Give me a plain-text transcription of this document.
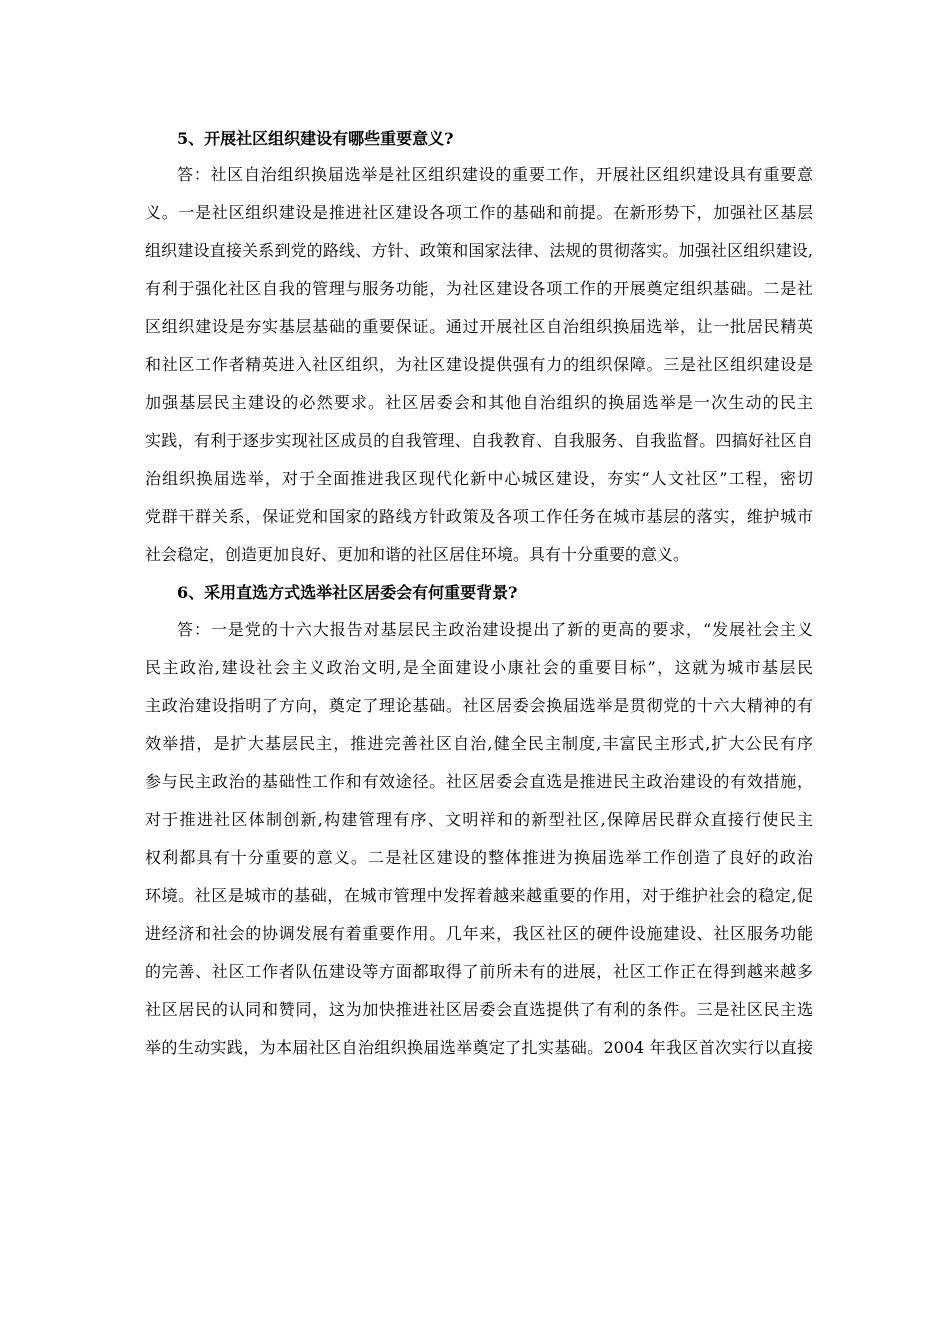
5、开展社区组织建设有哪些重要意义?
答：社区自治组织换届选举是社区组织建设的重要工作，开展社区组织建设具有重要意
义。一是社区组织建设是推进社区建设各项工作的基础和前提。在新形势下，加强社区基层
组织建设直接关系到党的路线、方针、政策和国家法律、法规的贯彻落实。加强社区组织建设,
有利于强化社区自我的管理与服务功能，为社区建设各项工作的开展奠定组织基础。二是社
区组织建设是夯实基层基础的重要保证。通过开展社区自治组织换届选举，让一批居民精英
和社区工作者精英进入社区组织，为社区建设提供强有力的组织保障。三是社区组织建设是
加强基层民主建设的必然要求。社区居委会和其他自治组织的换届选举是一次生动的民主
实践，有利于逐步实现社区成员的自我管理、自我教育、自我服务、自我监督。四搞好社区自
治组织换届选举，对于全面推进我区现代化新中心城区建设，夯实“人文社区”工程，密切
党群干群关系，保证党和国家的路线方针政策及各项工作任务在城市基层的落实，维护城市
社会稳定，创造更加良好、更加和谐的社区居住环境。具有十分重要的意义。
6、采用直选方式选举社区居委会有何重要背景?
答：一是党的十六大报告对基层民主政治建设提出了新的更高的要求，“发展社会主义
民主政治,建设社会主义政治文明,是全面建设小康社会的重要目标”，这就为城市基层民
主政治建设指明了方向，奠定了理论基础。社区居委会换届选举是贯彻党的十六大精神的有
效举措，是扩大基层民主，推进完善社区自治,健全民主制度,丰富民主形式,扩大公民有序
参与民主政治的基础性工作和有效途径。社区居委会直选是推进民主政治建设的有效措施，
对于推进社区体制创新,构建管理有序、文明祥和的新型社区,保障居民群众直接行使民主
权利都具有十分重要的意义。二是社区建设的整体推进为换届选举工作创造了良好的政治
环境。社区是城市的基础，在城市管理中发挥着越来越重要的作用，对于维护社会的稳定,促
进经济和社会的协调发展有着重要作用。几年来，我区社区的硬件设施建设、社区服务功能
的完善、社区工作者队伍建设等方面都取得了前所未有的进展，社区工作正在得到越来越多
社区居民的认同和赞同，这为加快推进社区居委会直选提供了有利的条件。三是社区民主选
举的生动实践，为本届社区自治组织换届选举奠定了扎实基础。2004 年我区首次实行以直接
